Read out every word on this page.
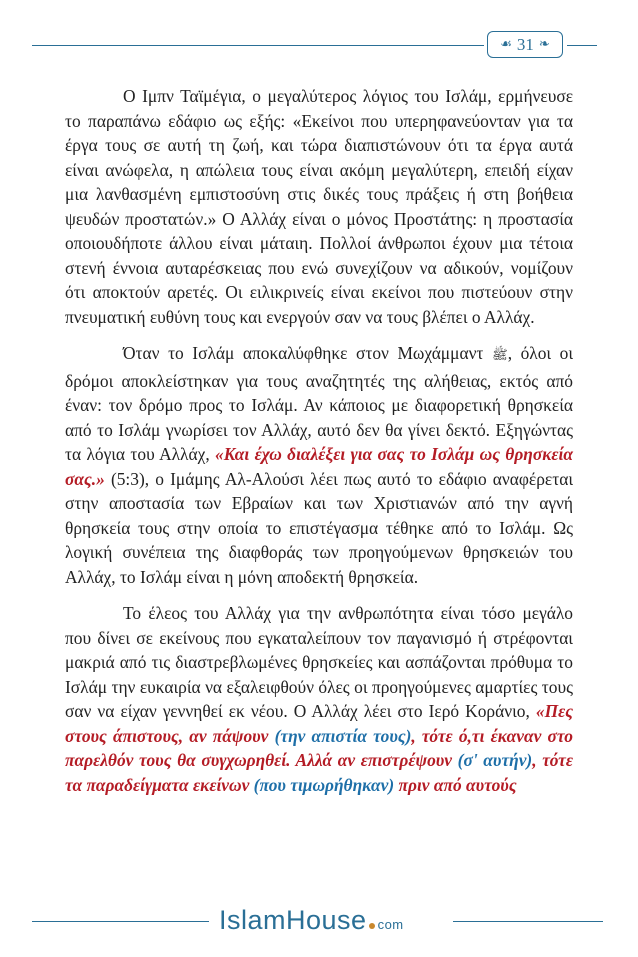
☙ 31 ❧

Ο Ιμπν Ταϊμέγια, ο μεγαλύτερος λόγιος του Ισλάμ, ερμήνευσε το παραπάνω εδάφιο ως εξής: «Εκείνοι που υπερηφανεύονταν για τα έργα τους σε αυτή τη ζωή, και τώρα διαπιστώνουν ότι τα έργα αυτά είναι ανώφελα, η απώλεια τους είναι ακόμη μεγαλύτερη, επειδή είχαν μια λανθασμένη εμπιστοσύνη στις δικές τους πράξεις ή στη βοήθεια ψευδών προστατών.» Ο Αλλάχ είναι ο μόνος Προστάτης: η προστασία οποιουδήποτε άλλου είναι μάταιη. Πολλοί άνθρωποι έχουν μια τέτοια στενή έννοια αυταρέσκειας που ενώ συνεχίζουν να αδικούν, νομίζουν ότι αποκτούν αρετές. Οι ειλικρινείς είναι εκείνοι που πιστεύουν στην πνευματική ευθύνη τους και ενεργούν σαν να τους βλέπει ο Αλλάχ.

Όταν το Ισλάμ αποκαλύφθηκε στον Μωχάμμαντ ﷺ, όλοι οι δρόμοι αποκλείστηκαν για τους αναζητητές της αλήθειας, εκτός από έναν: τον δρόμο προς το Ισλάμ. Αν κάποιος με διαφορετική θρησκεία από το Ισλάμ γνωρίσει τον Αλλάχ, αυτό δεν θα γίνει δεκτό. Εξηγώντας τα λόγια του Αλλάχ, «Και έχω διαλέξει για σας το Ισλάμ ως θρησκεία σας.» (5:3), ο Ιμάμης Αλ-Αλούσι λέει πως αυτό το εδάφιο αναφέρεται στην αποστασία των Εβραίων και των Χριστιανών από την αγνή θρησκεία τους στην οποία το επιστέγασμα τέθηκε από το Ισλάμ. Ως λογική συνέπεια της διαφθοράς των προηγούμενων θρησκειών του Αλλάχ, το Ισλάμ είναι η μόνη αποδεκτή θρησκεία.

Το έλεος του Αλλάχ για την ανθρωπότητα είναι τόσο μεγάλο που δίνει σε εκείνους που εγκαταλείπουν τον παγανισμό ή στρέφονται μακριά από τις διαστρεβλωμένες θρησκείες και ασπάζονται πρόθυμα το Ισλάμ την ευκαιρία να εξαλειφθούν όλες οι προηγούμενες αμαρτίες τους σαν να είχαν γεννηθεί εκ νέου. Ο Αλλάχ λέει στο Ιερό Κοράνιο, «Πες στους άπιστους, αν πάψουν (την απιστία τους), τότε ό,τι έκαναν στο παρελθόν τους θα συγχωρηθεί. Αλλά αν επιστρέψουν (σ' αυτήν), τότε τα παραδείγματα εκείνων (που τιμωρήθηκαν) πριν από αυτούς

IslamHouse com
